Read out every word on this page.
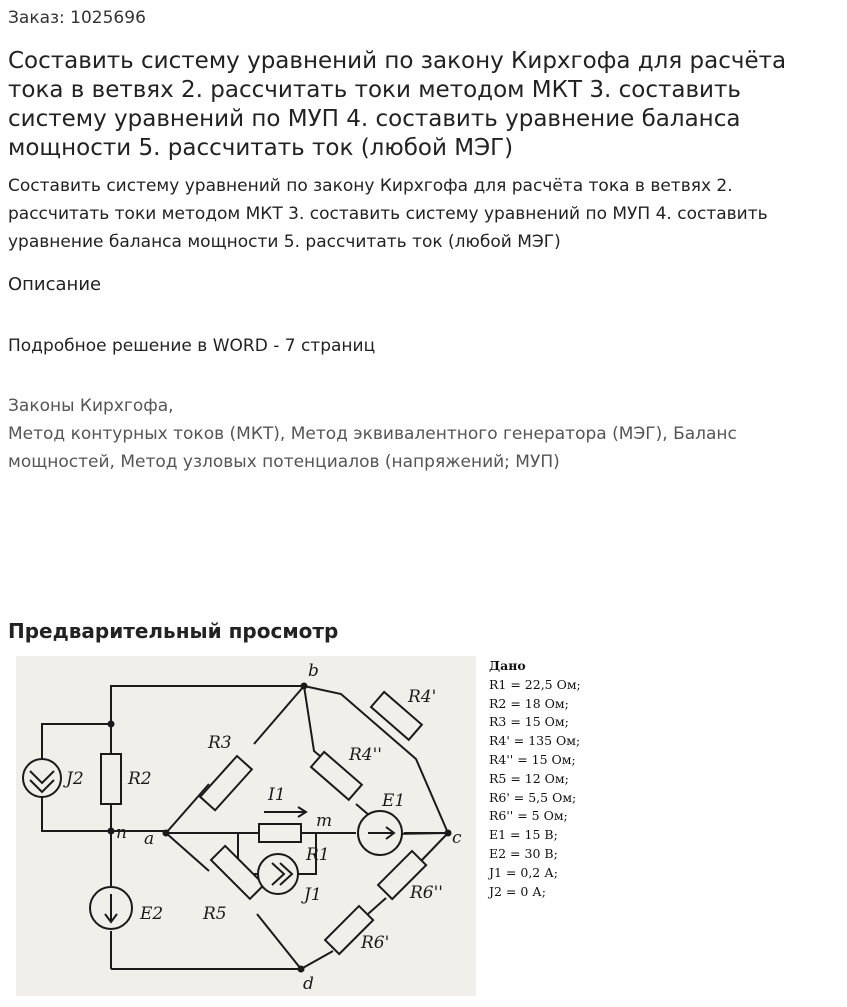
Заказ: 1025696
Составить систему уравнений по закону Кирхгофа для расчёта тока в ветвях 2. рассчитать токи методом МКТ 3. составить систему уравнений по МУП 4. составить уравнение баланса мощности 5. рассчитать ток (любой МЭГ)

Составить систему уравнений по закону Кирхгофа для расчёта тока в ветвях 2. рассчитать токи методом МКТ 3. составить систему уравнений по МУП 4. составить уравнение баланса мощности 5. рассчитать ток (любой МЭГ)

Описание
Подробное решение в WORD - 7 страниц
Законы Кирхгофа,
Метод контурных токов (МКТ), Метод эквивалентного генератора (МЭГ), Баланс мощностей, Метод узловых потенциалов (напряжений; МУП)
Предварительный просмотр
b
n a
m
c
d
R2
R3
R4'
R4''
R1
R5
R6'
R6''
J2
J1
I1	E1
E2
Дано
R1 = 22,5 Ом;
R2 = 18 Ом;
R3 = 15 Ом;
R4' = 135 Ом;
R4'' = 15 Ом;
R5 = 12 Ом;
R6' = 5,5 Ом;
R6'' = 5 Ом;
E1 = 15 В;
E2 = 30 В;
J1 = 0,2 А;
J2 = 0 А;
